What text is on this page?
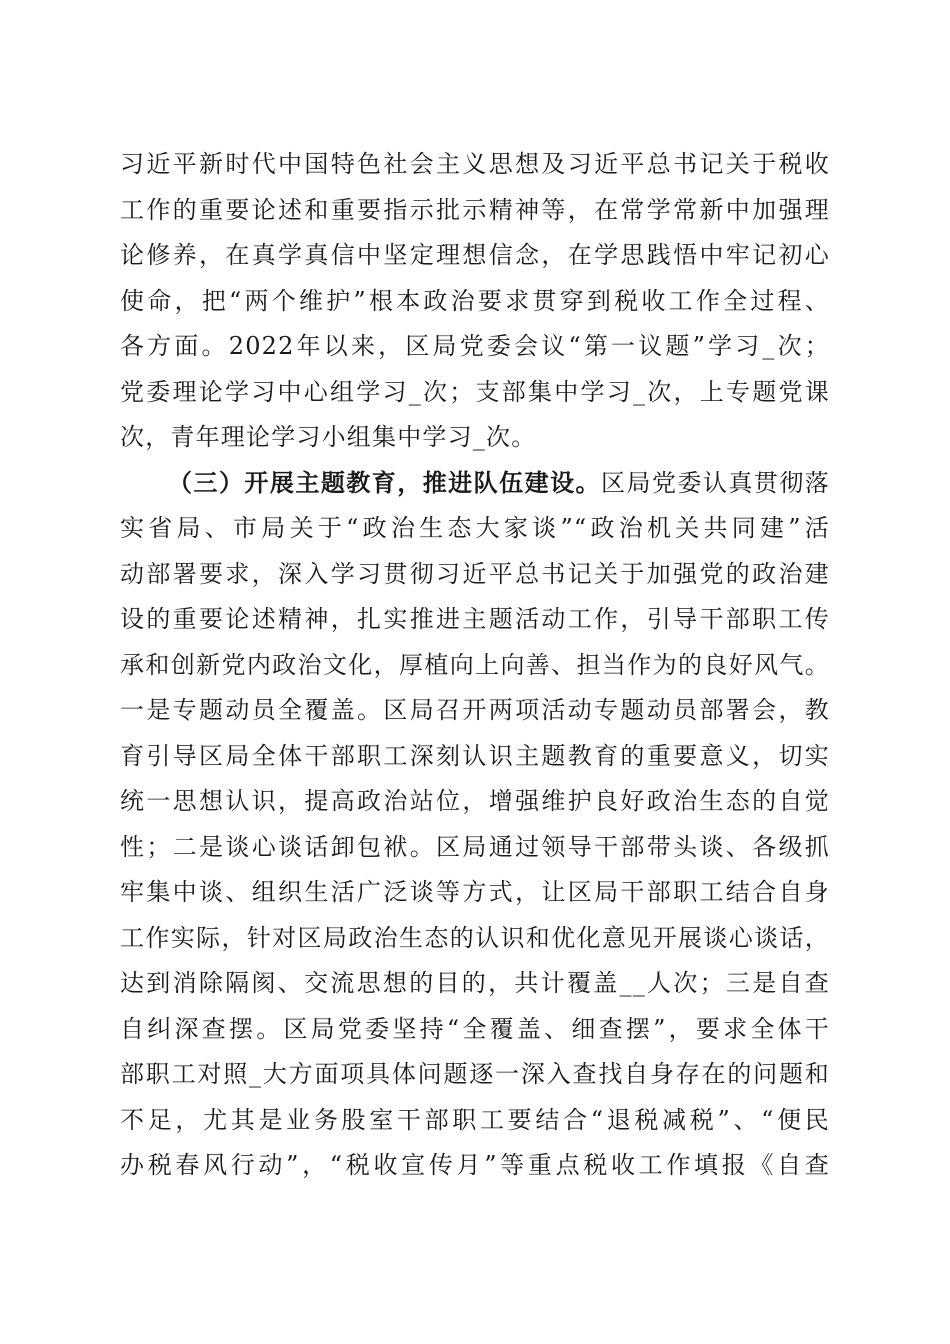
习近平新时代中国特色社会主义思想及习近平总书记关于税收
工作的重要论述和重要指示批示精神等，在常学常新中加强理
论修养，在真学真信中坚定理想信念，在学思践悟中牢记初心
使命，把“两个维护”根本政治要求贯穿到税收工作全过程、
各方面。2022年以来，区局党委会议“第一议题”学习_次；
党委理论学习中心组学习_次；支部集中学习_次，上专题党课
次，青年理论学习小组集中学习_次。
（三）开展主题教育，推进队伍建设。区局党委认真贯彻落
实省局、市局关于“政治生态大家谈”“政治机关共同建”活
动部署要求，深入学习贯彻习近平总书记关于加强党的政治建
设的重要论述精神，扎实推进主题活动工作，引导干部职工传
承和创新党内政治文化，厚植向上向善、担当作为的良好风气。
一是专题动员全覆盖。区局召开两项活动专题动员部署会，教
育引导区局全体干部职工深刻认识主题教育的重要意义，切实
统一思想认识，提高政治站位，增强维护良好政治生态的自觉
性；二是谈心谈话卸包袱。区局通过领导干部带头谈、各级抓
牢集中谈、组织生活广泛谈等方式，让区局干部职工结合自身
工作实际，针对区局政治生态的认识和优化意见开展谈心谈话，
达到消除隔阂、交流思想的目的，共计覆盖__人次；三是自查
自纠深查摆。区局党委坚持“全覆盖、细查摆”，要求全体干
部职工对照_大方面项具体问题逐一深入查找自身存在的问题和
不足，尤其是业务股室干部职工要结合“退税减税”、“便民
办税春风行动”，“税收宣传月”等重点税收工作填报《自查
